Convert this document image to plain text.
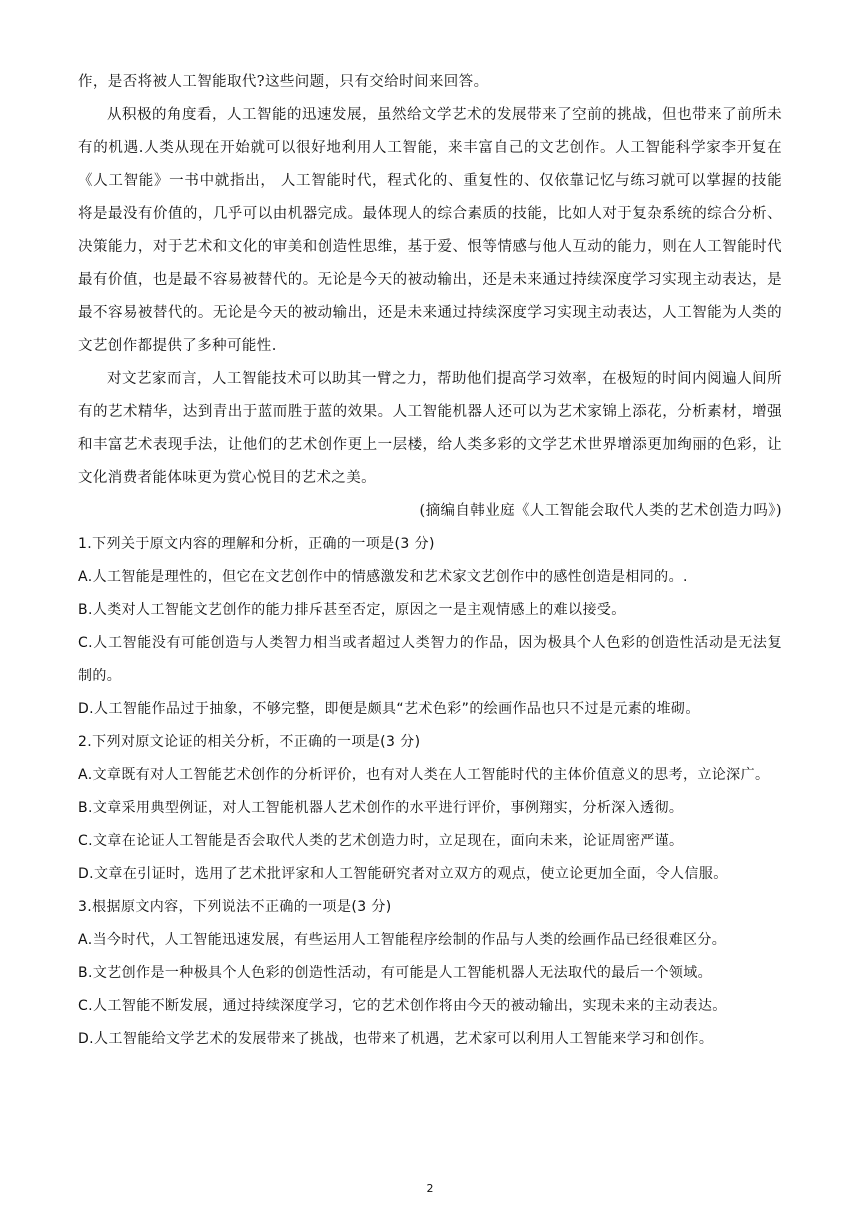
作，是否将被人工智能取代?这些问题，只有交给时间来回答。

从积极的角度看，人工智能的迅速发展，虽然给文学艺术的发展带来了空前的挑战，但也带来了前所未有的机遇.人类从现在开始就可以很好地利用人工智能，来丰富自己的文艺创作。人工智能科学家李开复在《人工智能》一书中就指出， 人工智能时代，程式化的、重复性的、仅依靠记忆与练习就可以掌握的技能将是最没有价值的，几乎可以由机器完成。最体现人的综合素质的技能，比如人对于复杂系统的综合分析、决策能力，对于艺术和文化的审美和创造性思维，基于爱、恨等情感与他人互动的能力，则在人工智能时代最有价值，也是最不容易被替代的。无论是今天的被动输出，还是未来通过持续深度学习实现主动表达，是最不容易被替代的。无论是今天的被动输出，还是未来通过持续深度学习实现主动表达，人工智能为人类的文艺创作都提供了多种可能性.

对文艺家而言，人工智能技术可以助其一臂之力，帮助他们提高学习效率，在极短的时间内阅遍人间所有的艺术精华，达到青出于蓝而胜于蓝的效果。人工智能机器人还可以为艺术家锦上添花，分析素材，增强和丰富艺术表现手法，让他们的艺术创作更上一层楼，给人类多彩的文学艺术世界增添更加绚丽的色彩，让文化消费者能体味更为赏心悦目的艺术之美。

(摘编自韩业庭《人工智能会取代人类的艺术创造力吗》)

1.下列关于原文内容的理解和分析，正确的一项是(3 分)

A.人工智能是理性的，但它在文艺创作中的情感激发和艺术家文艺创作中的感性创造是相同的。.

B.人类对人工智能文艺创作的能力排斥甚至否定，原因之一是主观情感上的难以接受。

C.人工智能没有可能创造与人类智力相当或者超过人类智力的作品，因为极具个人色彩的创造性活动是无法复制的。

D.人工智能作品过于抽象，不够完整，即便是颇具“艺术色彩”的绘画作品也只不过是元素的堆砌。

2.下列对原文论证的相关分析，不正确的一项是(3 分)

A.文章既有对人工智能艺术创作的分析评价，也有对人类在人工智能时代的主体价值意义的思考，立论深广。

B.文章采用典型例证，对人工智能机器人艺术创作的水平进行评价，事例翔实，分析深入透彻。

C.文章在论证人工智能是否会取代人类的艺术创造力时，立足现在，面向未来，论证周密严谨。

D.文章在引证时，选用了艺术批评家和人工智能研究者对立双方的观点，使立论更加全面，令人信服。

3.根据原文内容，下列说法不正确的一项是(3 分)

A.当今时代，人工智能迅速发展，有些运用人工智能程序绘制的作品与人类的绘画作品已经很难区分。

B.文艺创作是一种极具个人色彩的创造性活动，有可能是人工智能机器人无法取代的最后一个领域。

C.人工智能不断发展，通过持续深度学习，它的艺术创作将由今天的被动输出，实现未来的主动表达。

D.人工智能给文学艺术的发展带来了挑战，也带来了机遇，艺术家可以利用人工智能来学习和创作。

2
